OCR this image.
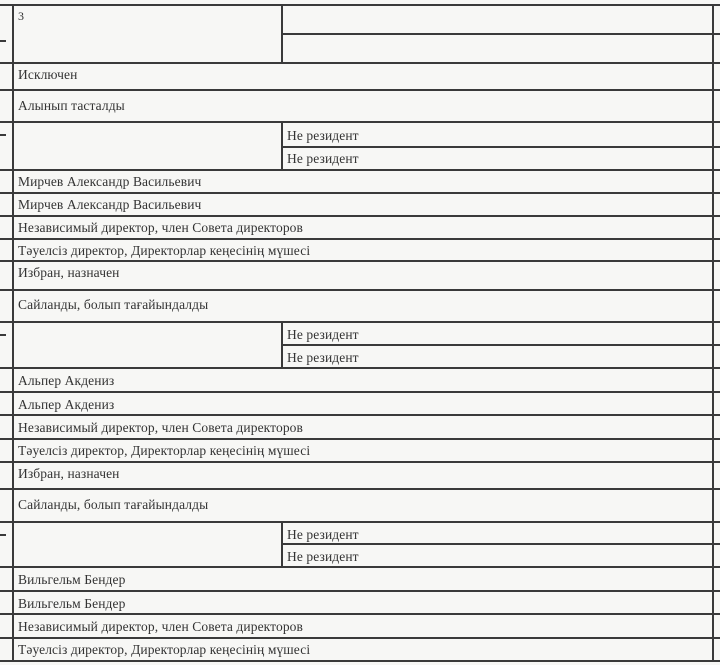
3
Исключен
Алынып тасталды
Не резидент
Не резидент
Мирчев Александр Васильевич
Мирчев Александр Васильевич
Независимый директор, член Совета директоров
Тәуелсіз директор, Директорлар кеңесінің мүшесі
Избран, назначен
Сайланды, болып тағайындалды
Не резидент
Не резидент
Альпер Акдениз
Альпер Акдениз
Независимый директор, член Совета директоров
Тәуелсіз директор, Директорлар кеңесінің мүшесі
Избран, назначен
Сайланды, болып тағайындалды
Не резидент
Не резидент
Вильгельм Бендер
Вильгельм Бендер
Независимый директор, член Совета директоров
Тәуелсіз директор, Директорлар кеңесінің мүшесі
